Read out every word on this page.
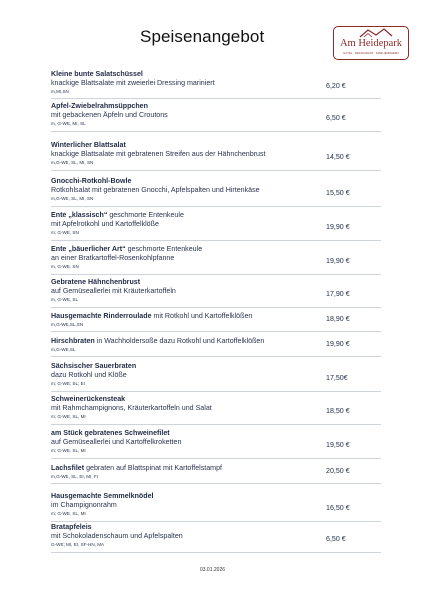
Speisenangebot	Am Heidepark
HOTEL · RESTAURANT · FAMILIENFEIERN
Kleine bunte Salatschüssel
knackige Blattsalate mit zweierlei Dressing mariniert
m,MI,SN
6,20 €
Apfel-Zwiebelrahmsüppchen
mit gebackenen Äpfeln und Croutons
m, G-WE, MI, SL
6,50 €
Winterlicher Blattsalat
knackige Blattsalate mit gebratenen Streifen aus der Hähnchenbrust
m,G-WE, SL, MI, SN
14,50 €
Gnocchi-Rotkohl-Bowle
Rotkohlsalat mit gebratenen Gnocchi, Apfelspalten und Hirtenkäse
m,G-WE, SL, MI, SN
15,50 €
Ente „klassisch“ geschmorte Entenkeule
mit Apfelrotkohl und Kartoffelklöße
m; G-WE, SN
19,90 €
Ente „bäuerlicher Art“ geschmorte Entenkeule
an einer Bratkartoffel-Rosenkohlpfanne
m, G-WE, SN
19,90 €
Gebratene Hähnchenbrust
auf Gemüseallerlei mit Kräuterkartoffeln
m, G-WE, SL
17,90 €
Hausgemachte Rinderroulade mit Rotkohl und Kartoffelklößen
m,G-WE,SL,SN
18,90 €
Hirschbraten in Wachholdersoße dazu Rotkohl und Kartoffelklößen
m,G-WE,SL
19,90 €
Sächsischer Sauerbraten
dazu Rotkohl und Klöße
m; G-WE; SL; EI
17,50€
Schweinerückensteak
mit Rahmchampignons, Kräuterkartoffeln und Salat
m; G-WE, SL, MI
18,50 €
am Stück gebratenes Schweinefilet
auf Gemüseallerlei und Kartoffelkroketten
m; G-WE, SL, MI
19,50 €
Lachsfilet gebraten auf Blattspinat mit Kartoffelstampf
m,G-WE, SL, EI, MI, FI
20,50 €
Hausgemachte Semmelknödel
im Champignonrahm
m; G-WE, SL, MI
16,50 €
Bratapfeleis
mit Schokoladenschaum und Apfelspalten
G-WE; MI, EI, SF-HN, MA
6,50 €
03.01.2026
